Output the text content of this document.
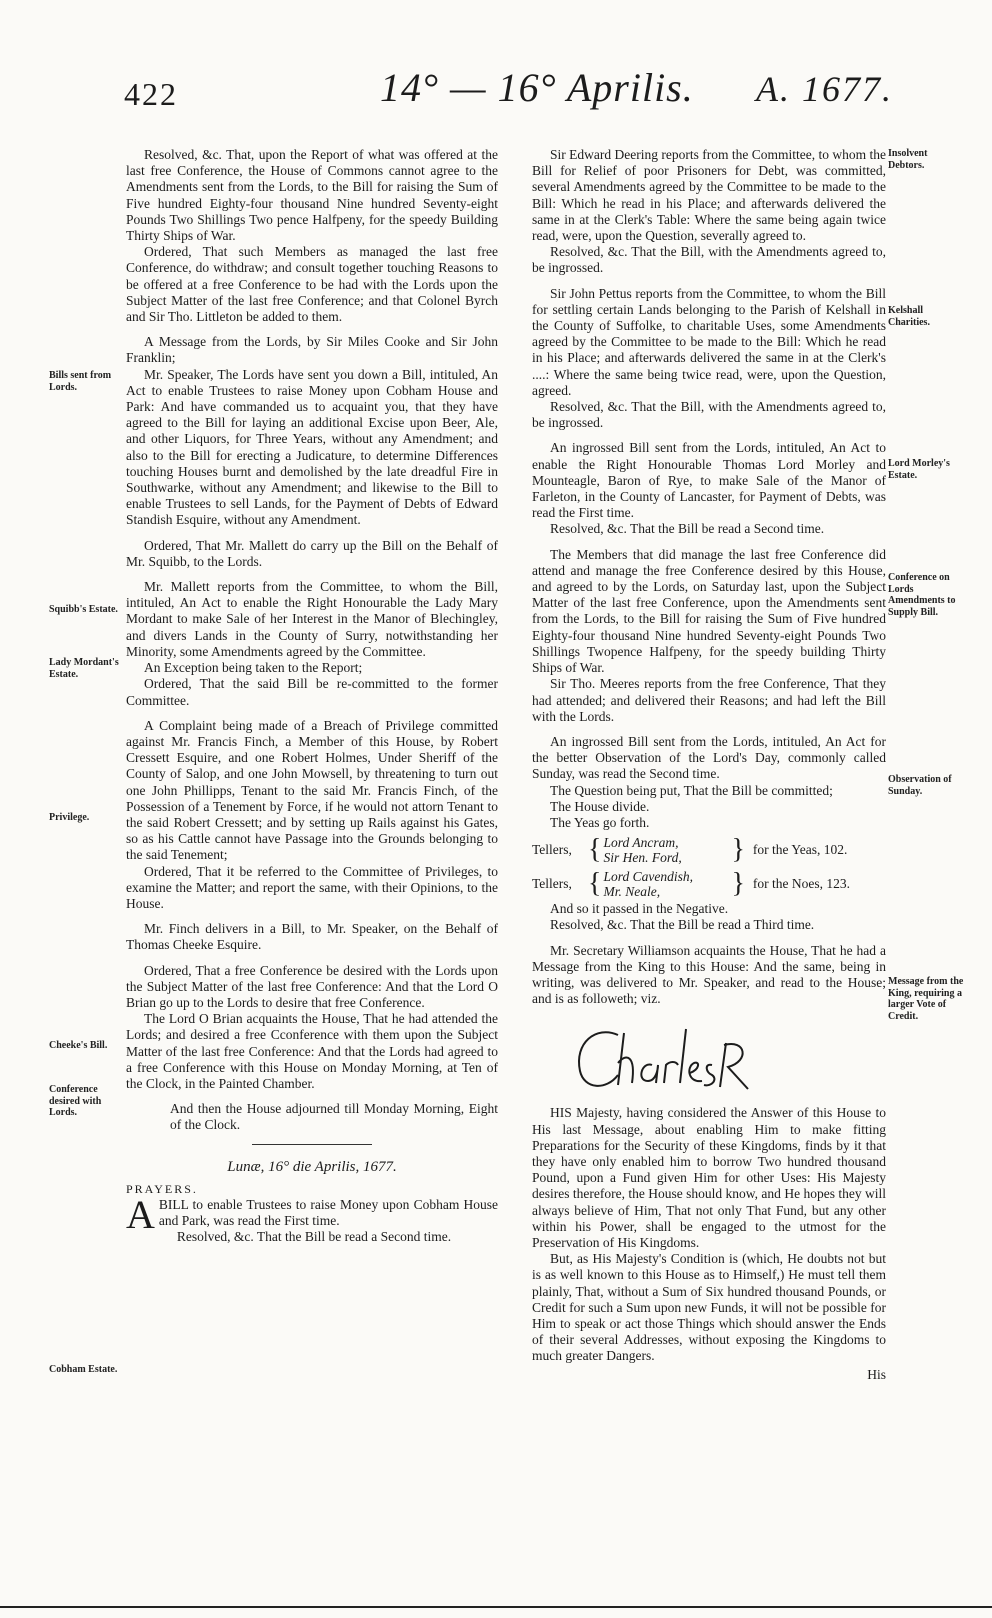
422	14° — 16° Aprilis. A. 1677.
Bills sent from Lords.
Squibb's Estate.
Lady Mordant's Estate.
Privilege.
Cheeke's Bill.
Conference desired with Lords.
Cobham Estate.
Insolvent Debtors.
Kelshall Charities.
Lord Morley's Estate.
Conference on Lords Amendments to Supply Bill.
Observation of Sunday.
Message from the King, requiring a larger Vote of Credit.

Resolved, &c. That, upon the Report of what was offered at the last free Conference, the House of Commons cannot agree to the Amendments sent from the Lords, to the Bill for raising the Sum of Five hundred Eighty-four thousand Nine hundred Seventy-eight Pounds Two Shillings Two pence Halfpeny, for the speedy Building Thirty Ships of War.

Ordered, That such Members as managed the last free Conference, do withdraw; and consult together touching Reasons to be offered at a free Conference to be had with the Lords upon the Subject Matter of the last free Conference; and that Colonel Byrch and Sir Tho. Littleton be added to them.

A Message from the Lords, by Sir Miles Cooke and Sir John Franklin;

Mr. Speaker, The Lords have sent you down a Bill, intituled, An Act to enable Trustees to raise Money upon Cobham House and Park: And have commanded us to acquaint you, that they have agreed to the Bill for laying an additional Excise upon Beer, Ale, and other Liquors, for Three Years, without any Amendment; and also to the Bill for erecting a Judicature, to determine Differences touching Houses burnt and demolished by the late dreadful Fire in Southwarke, without any Amendment; and likewise to the Bill to enable Trustees to sell Lands, for the Payment of Debts of Edward Standish Esquire, without any Amendment.

Ordered, That Mr. Mallett do carry up the Bill on the Behalf of Mr. Squibb, to the Lords.

Mr. Mallett reports from the Committee, to whom the Bill, intituled, An Act to enable the Right Honourable the Lady Mary Mordant to make Sale of her Interest in the Manor of Blechingley, and divers Lands in the County of Surry, notwithstanding her Minority, some Amendments agreed by the Committee.

An Exception being taken to the Report;

Ordered, That the said Bill be re-committed to the former Committee.

A Complaint being made of a Breach of Privilege committed against Mr. Francis Finch, a Member of this House, by Robert Cressett Esquire, and one Robert Holmes, Under Sheriff of the County of Salop, and one John Mowsell, by threatening to turn out one John Phillipps, Tenant to the said Mr. Francis Finch, of the Possession of a Tenement by Force, if he would not attorn Tenant to the said Robert Cressett; and by setting up Rails against his Gates, so as his Cattle cannot have Passage into the Grounds belonging to the said Tenement;

Ordered, That it be referred to the Committee of Privileges, to examine the Matter; and report the same, with their Opinions, to the House.

Mr. Finch delivers in a Bill, to Mr. Speaker, on the Behalf of Thomas Cheeke Esquire.

Ordered, That a free Conference be desired with the Lords upon the Subject Matter of the last free Conference: And that the Lord O Brian go up to the Lords to desire that free Conference.

The Lord O Brian acquaints the House, That he had attended the Lords; and desired a free Cconference with them upon the Subject Matter of the last free Conference: And that the Lords had agreed to a free Conference with this House on Monday Morning, at Ten of the Clock, in the Painted Chamber.

And then the House adjourned till Monday Morning, Eight of the Clock.

Lunæ, 16° die Aprilis, 1677.

PRAYERS.

ABILL to enable Trustees to raise Money upon Cobham House and Park, was read the First time.

Resolved, &c. That the Bill be read a Second time.

Sir Edward Deering reports from the Committee, to whom the Bill for Relief of poor Prisoners for Debt, was committed, several Amendments agreed by the Committee to be made to the Bill: Which he read in his Place; and afterwards delivered the same in at the Clerk's Table: Where the same being again twice read, were, upon the Question, severally agreed to.

Resolved, &c. That the Bill, with the Amendments agreed to, be ingrossed.

Sir John Pettus reports from the Committee, to whom the Bill for settling certain Lands belonging to the Parish of Kelshall in the County of Suffolke, to charitable Uses, some Amendments agreed by the Committee to be made to the Bill: Which he read in his Place; and afterwards delivered the same in at the Clerk's ....: Where the same being twice read, were, upon the Question, agreed.

Resolved, &c. That the Bill, with the Amendments agreed to, be ingrossed.

An ingrossed Bill sent from the Lords, intituled, An Act to enable the Right Honourable Thomas Lord Morley and Mounteagle, Baron of Rye, to make Sale of the Manor of Farleton, in the County of Lancaster, for Payment of Debts, was read the First time.

Resolved, &c. That the Bill be read a Second time.

The Members that did manage the last free Conference did attend and manage the free Conference desired by this House, and agreed to by the Lords, on Saturday last, upon the Subject Matter of the last free Conference, upon the Amendments sent from the Lords, to the Bill for raising the Sum of Five hundred Eighty-four thousand Nine hundred Seventy-eight Pounds Two Shillings Twopence Halfpeny, for the speedy building Thirty Ships of War.

Sir Tho. Meeres reports from the free Conference, That they had attended; and delivered their Reasons; and had left the Bill with the Lords.

An ingrossed Bill sent from the Lords, intituled, An Act for the better Observation of the Lord's Day, commonly called Sunday, was read the Second time.

The Question being put, That the Bill be committed;

The House divide.

The Yeas go forth.

Tellers, { Lord Ancram,
Sir Hen. Ford,	} for the Yeas, 102.
Tellers, { Lord Cavendish,
Mr. Neale,	} for the Noes, 123.

And so it passed in the Negative.

Resolved, &c. That the Bill be read a Third time.

Mr. Secretary Williamson acquaints the House, That he had a Message from the King to this House: And the same, being in writing, was delivered to Mr. Speaker, and read to the House; and is as followeth; viz.

HIS Majesty, having considered the Answer of this House to His last Message, about enabling Him to make fitting Preparations for the Security of these Kingdoms, finds by it that they have only enabled him to borrow Two hundred thousand Pound, upon a Fund given Him for other Uses: His Majesty desires therefore, the House should know, and He hopes they will always believe of Him, That not only That Fund, but any other within his Power, shall be engaged to the utmost for the Preservation of His Kingdoms.

But, as His Majesty's Condition is (which, He doubts not but is as well known to this House as to Himself,) He must tell them plainly, That, without a Sum of Six hundred thousand Pounds, or Credit for such a Sum upon new Funds, it will not be possible for Him to speak or act those Things which should answer the Ends of their several Addresses, without exposing the Kingdoms to much greater Dangers.

His
